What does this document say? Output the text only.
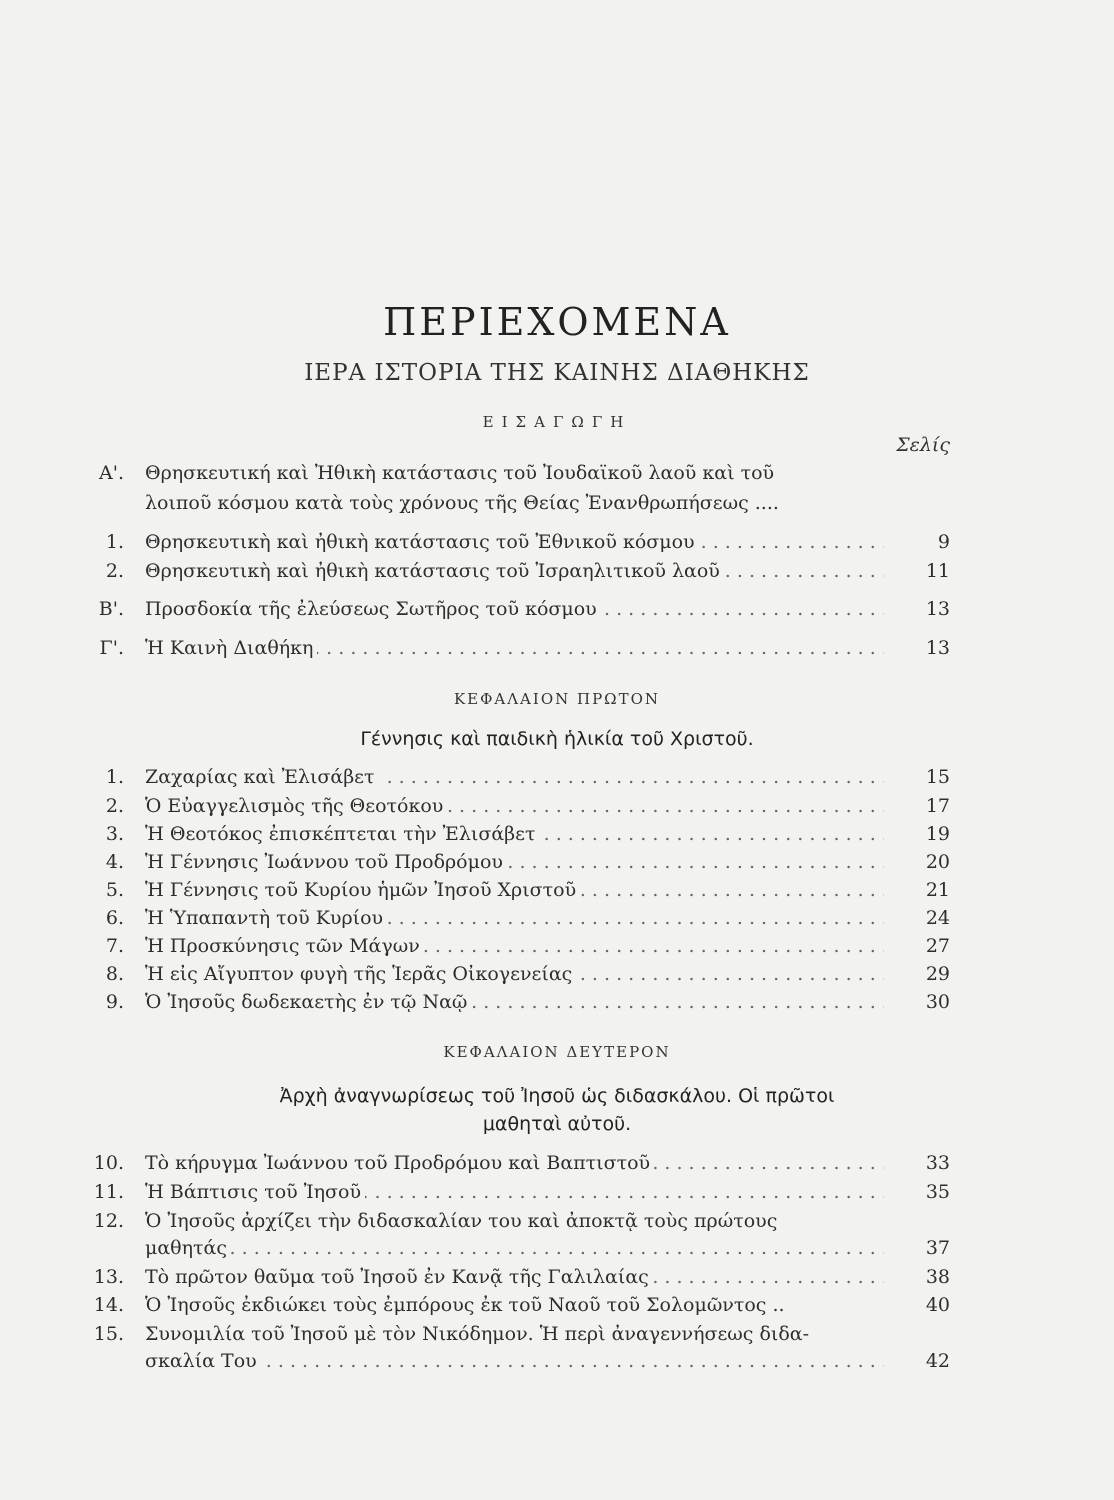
ΠΕΡΙΕΧΟΜΕΝΑ
ΙΕΡΑ ΙΣΤΟΡΙΑ ΤΗΣ ΚΑΙΝΗΣ ΔΙΑΘΗΚΗΣ
ΕΙΣΑΓΩΓΗ
Σελίς
Α'. Θρησκευτική καὶ Ἠθικὴ κατάστασις τοῦ Ἰουδαϊκοῦ λαοῦ καὶ τοῦ
λοιποῦ κόσμου κατὰ τοὺς χρόνους τῆς Θείας Ἐνανθρωπήσεως ....
1. Θρησκευτικὴ καὶ ἠθικὴ κατάστασις τοῦ Ἐθνικοῦ κόσμου . . .	9
2. Θρησκευτικὴ καὶ ἠθικὴ κατάστασις τοῦ Ἰσραηλιτικοῦ λαοῦ . . .	11
Β'. Προσδοκία τῆς ἐλεύσεως Σωτῆρος τοῦ κόσμου . . .	13
Γ'. Ἡ Καινὴ Διαθήκη . . .	13
ΚΕΦΑΛΑΙΟΝ ΠΡΩΤΟΝ
Γέννησις καὶ παιδικὴ ἡλικία τοῦ Χριστοῦ.
1. Ζαχαρίας καὶ Ἐλισάβετ . . .	15
2. Ὁ Εὐαγγελισμὸς τῆς Θεοτόκου . . .	17
3. Ἡ Θεοτόκος ἐπισκέπτεται τὴν Ἐλισάβετ . . .	19
4. Ἡ Γέννησις Ἰωάννου τοῦ Προδρόμου . . .	20
5. Ἡ Γέννησις τοῦ Κυρίου ἡμῶν Ἰησοῦ Χριστοῦ . . .	21
6. Ἡ Ὑπαπαντὴ τοῦ Κυρίου . . .	24
7. Ἡ Προσκύνησις τῶν Μάγων . . .	27
8. Ἡ εἰς Αἴγυπτον φυγὴ τῆς Ἱερᾶς Οἰκογενείας . . .	29
9. Ὁ Ἰησοῦς δωδεκαετὴς ἐν τῷ Ναῷ . . .	30
ΚΕΦΑΛΑΙΟΝ ΔΕΥΤΕΡΟΝ
Ἀρχὴ ἀναγνωρίσεως τοῦ Ἰησοῦ ὡς διδασκάλου. Οἱ πρῶτοι
μαθηταὶ αὐτοῦ.
10. Τὸ κήρυγμα Ἰωάννου τοῦ Προδρόμου καὶ Βαπτιστοῦ . . .	33
11. Ἡ Βάπτισις τοῦ Ἰησοῦ . . .	35
12. Ὁ Ἰησοῦς ἀρχίζει τὴν διδασκαλίαν του καὶ ἀποκτᾷ τοὺς πρώτους
μαθητάς . . .	37
13. Τὸ πρῶτον θαῦμα τοῦ Ἰησοῦ ἐν Κανᾷ τῆς Γαλιλαίας . . .	38
14. Ὁ Ἰησοῦς ἐκδιώκει τοὺς ἐμπόρους ἐκ τοῦ Ναοῦ τοῦ Σολομῶντος ..	40
15. Συνομιλία τοῦ Ἰησοῦ μὲ τὸν Νικόδημον. Ἡ περὶ ἀναγεννήσεως διδα-
σκαλία Του . . .	42
